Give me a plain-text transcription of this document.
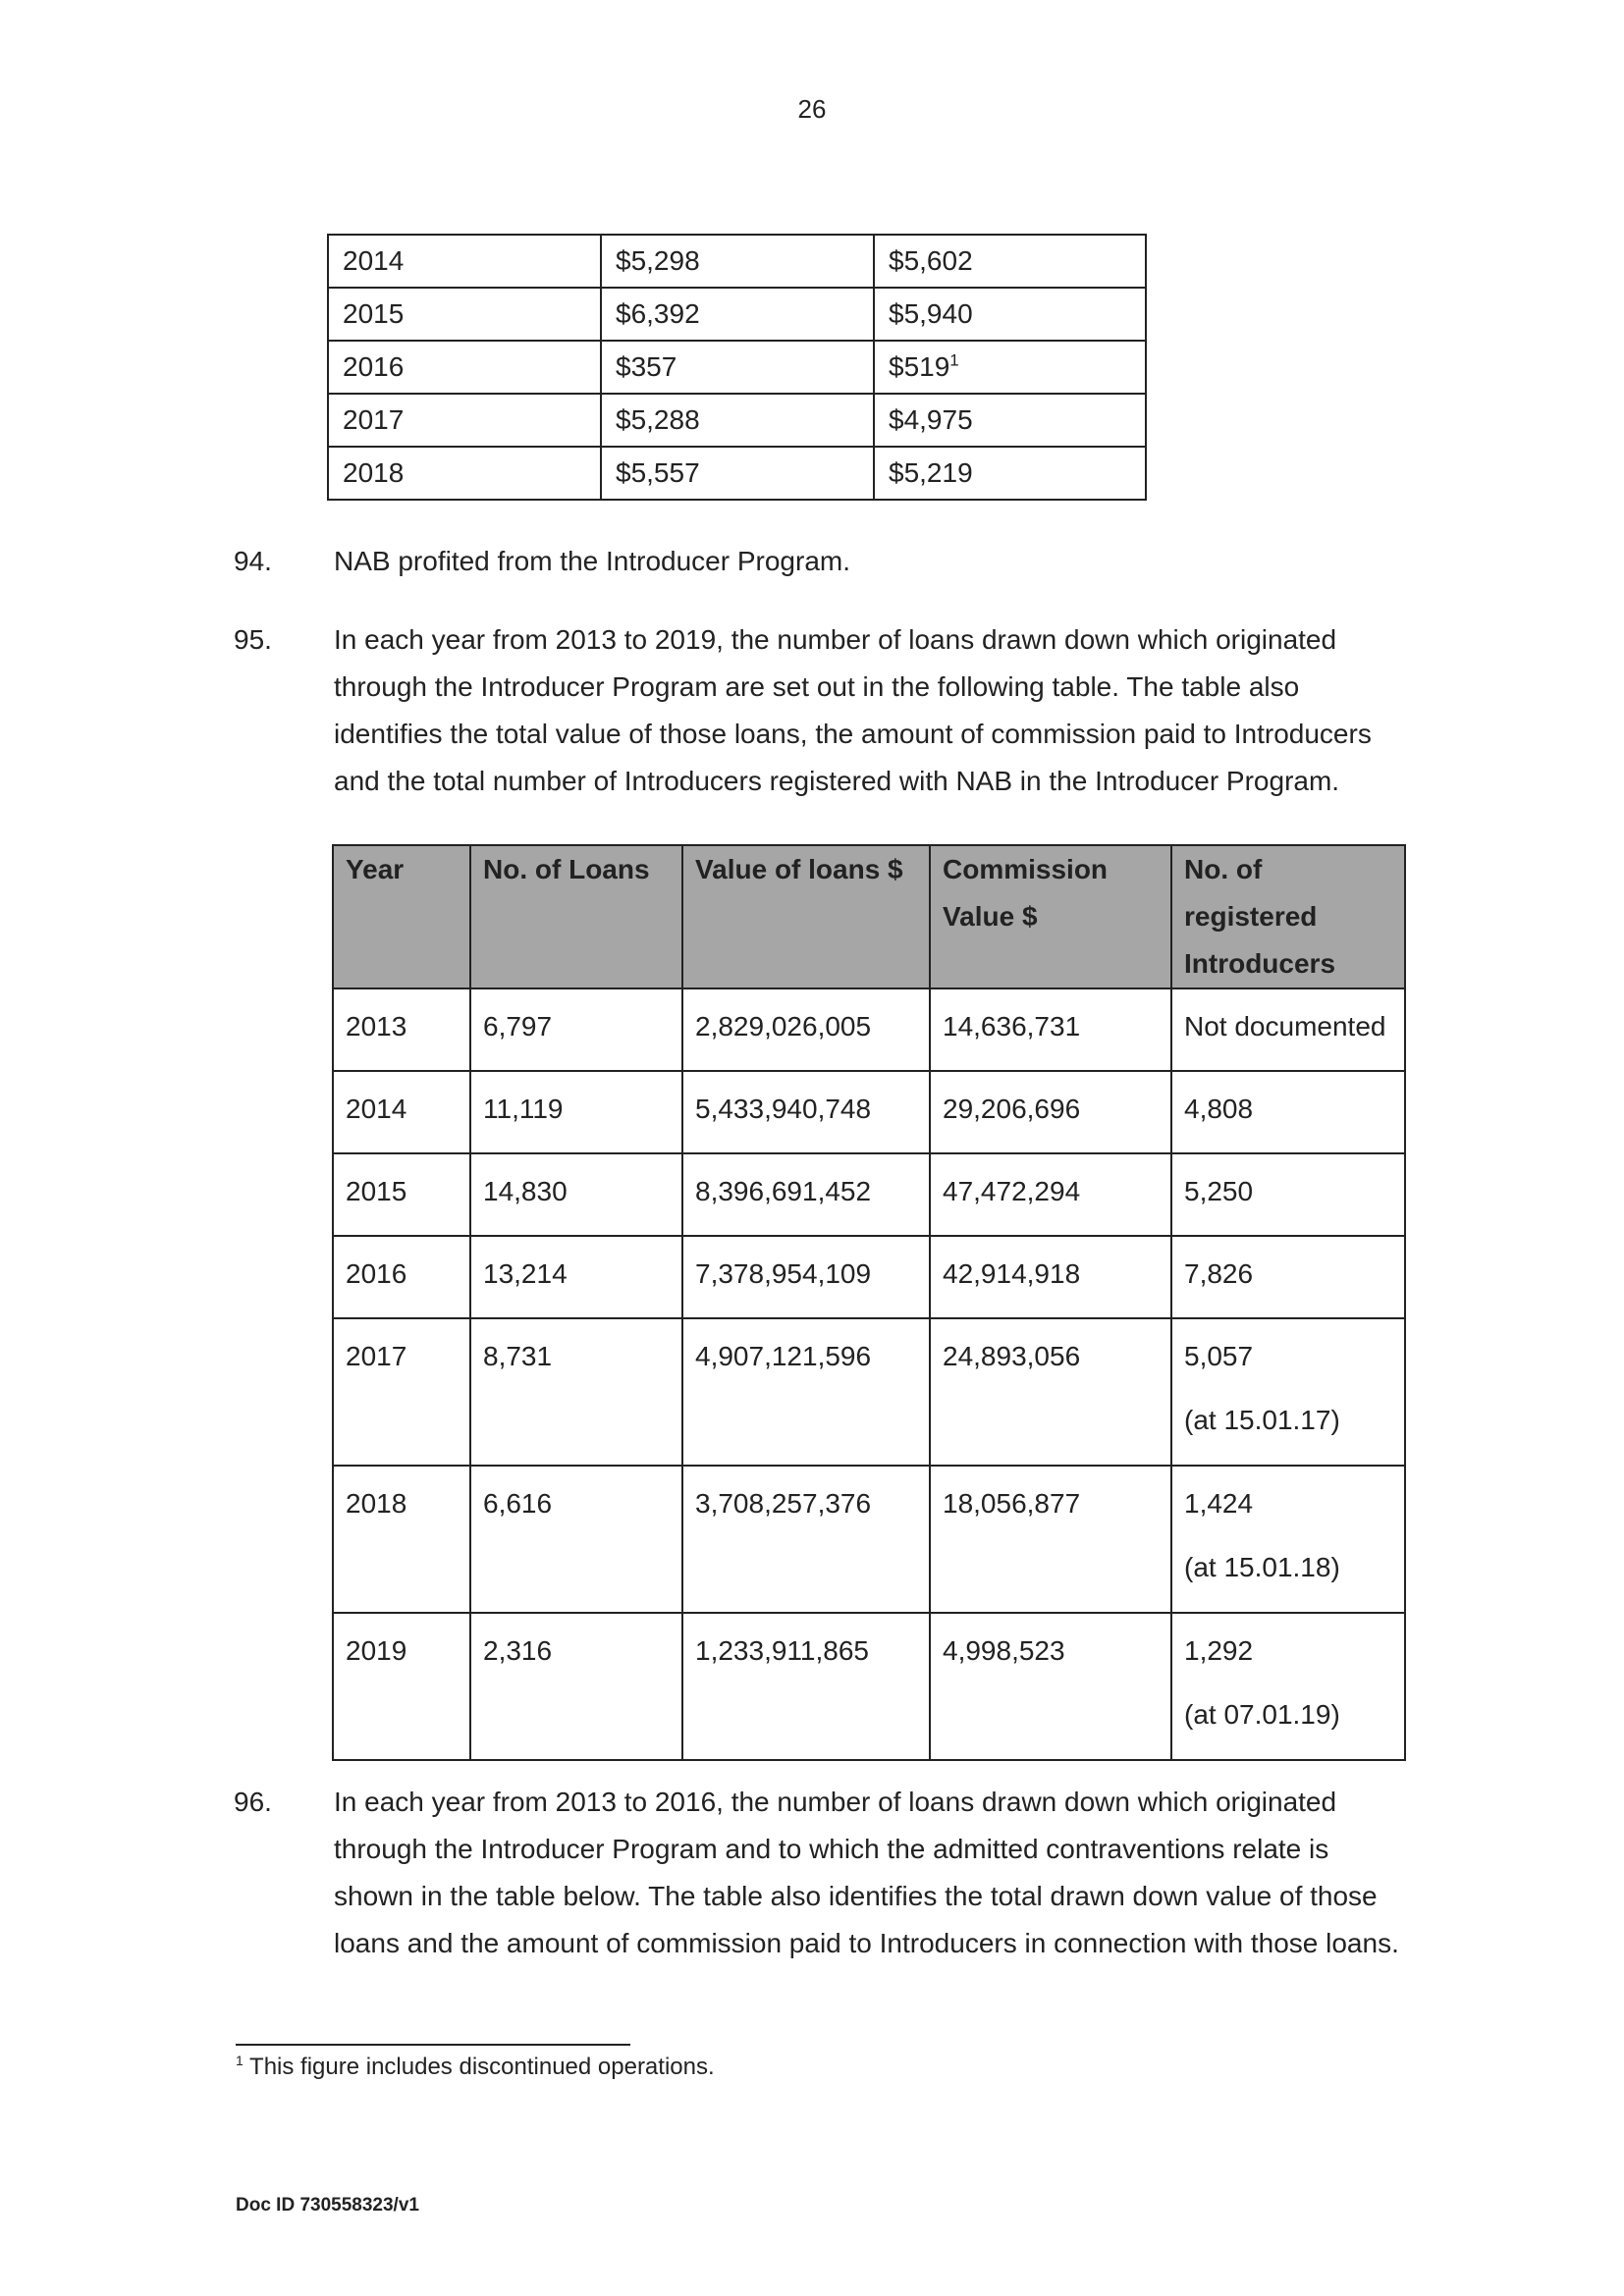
26
2014	$5,298	$5,602
2015	$6,392	$5,940
2016	$357	$\$519^1$
2017	$5,288	$4,975
2018	$5,557	$5,219
94. NAB profited from the Introducer Program.
95. In each year from 2013 to 2019, the number of loans drawn down which originated through the Introducer Program are set out in the following table. The table also identifies the total value of those loans, the amount of commission paid to Introducers and the total number of Introducers registered with NAB in the Introducer Program.
Year	No. of Loans	Value of loans $	Commission Value $	No. of registered Introducers
2013	6,797	2,829,026,005	14,636,731	Not documented
2014	11,119	5,433,940,748	29,206,696	4,808
2015	14,830	8,396,691,452	47,472,294	5,250
2016	13,214	7,378,954,109	42,914,918	7,826
2017	8,731	4,907,121,596	24,893,056	5,057
(at 15.01.17)

2018	6,616	3,708,257,376	18,056,877	1,424
(at 15.01.18)

2019	2,316	1,233,911,865	4,998,523	1,292
(at 07.01.19)
96. In each year from 2013 to 2016, the number of loans drawn down which originated through the Introducer Program and to which the admitted contraventions relate is shown in the table below. The table also identifies the total drawn down value of those loans and the amount of commission paid to Introducers in connection with those loans.
$^1$ This figure includes discontinued operations.
Doc ID 730558323/v1
